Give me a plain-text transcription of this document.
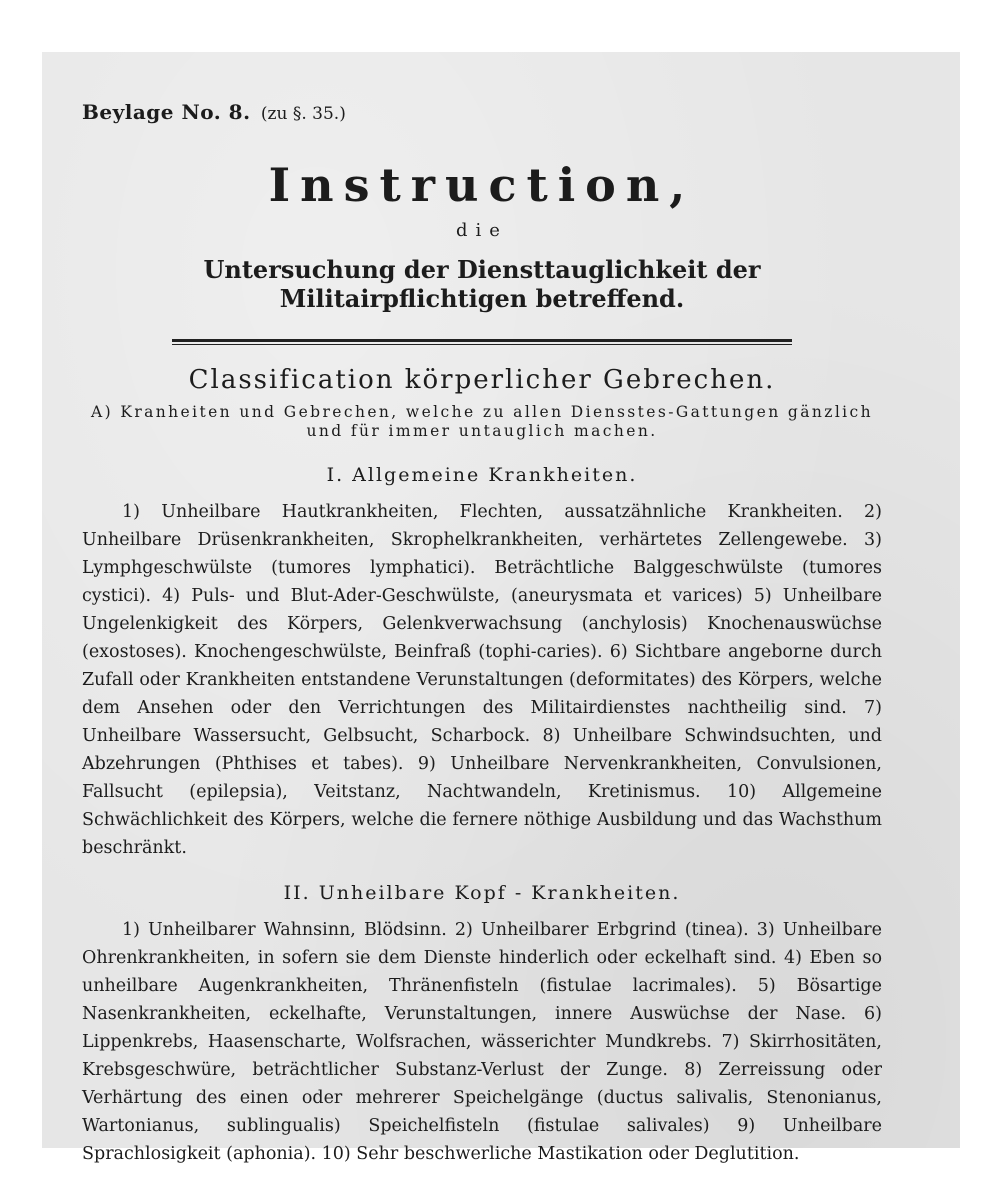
Beylage No. 8. (zu §. 35.)
Instruction,
die
Untersuchung der Diensttauglichkeit der Militairpflichtigen betreffend.
Classification körperlicher Gebrechen.
A) Kranheiten und Gebrechen, welche zu allen Diensstes-Gattungen gänzlich und für immer untauglich machen.
I. Allgemeine Krankheiten.

1) Unheilbare Hautkrankheiten, Flechten, aussatzähnliche Krankheiten. 2) Unheilbare Drüsenkrankheiten, Skrophelkrankheiten, verhärtetes Zellengewebe. 3) Lymphgeschwülste (tumores lymphatici). Beträchtliche Balggeschwülste (tumores cystici). 4) Puls- und Blut-Ader-Geschwülste, (aneurysmata et varices) 5) Unheilbare Ungelenkigkeit des Körpers, Gelenkverwachsung (anchylosis) Knochenauswüchse (exostoses). Knochengeschwülste, Beinfraß (tophi-caries). 6) Sichtbare angeborne durch Zufall oder Krankheiten entstandene Verunstaltungen (deformitates) des Körpers, welche dem Ansehen oder den Verrichtungen des Militairdienstes nachtheilig sind. 7) Unheilbare Wassersucht, Gelbsucht, Scharbock. 8) Unheilbare Schwindsuchten, und Abzehrungen (Phthises et tabes). 9) Unheilbare Nervenkrankheiten, Convulsionen, Fallsucht (epilepsia), Veitstanz, Nachtwandeln, Kretinismus. 10) Allgemeine Schwächlichkeit des Körpers, welche die fernere nöthige Ausbildung und das Wachsthum beschränkt.

II. Unheilbare Kopf - Krankheiten.

1) Unheilbarer Wahnsinn, Blödsinn. 2) Unheilbarer Erbgrind (tinea). 3) Unheilbare Ohrenkrankheiten, in sofern sie dem Dienste hinderlich oder eckelhaft sind. 4) Eben so unheilbare Augenkrankheiten, Thränenfisteln (fistulae lacrimales). 5) Bösartige Nasenkrankheiten, eckelhafte, Verunstaltungen, innere Auswüchse der Nase. 6) Lippenkrebs, Haasenscharte, Wolfsrachen, wässerichter Mundkrebs. 7) Skirrhositäten, Krebsgeschwüre, beträchtlicher Substanz-Verlust der Zunge. 8) Zerreissung oder Verhärtung des einen oder mehrerer Speichelgänge (ductus salivalis, Stenonianus, Wartonianus, sublingualis) Speichelfisteln (fistulae salivales) 9) Unheilbare Sprachlosigkeit (aphonia). 10) Sehr beschwerliche Mastikation oder Deglutition.
